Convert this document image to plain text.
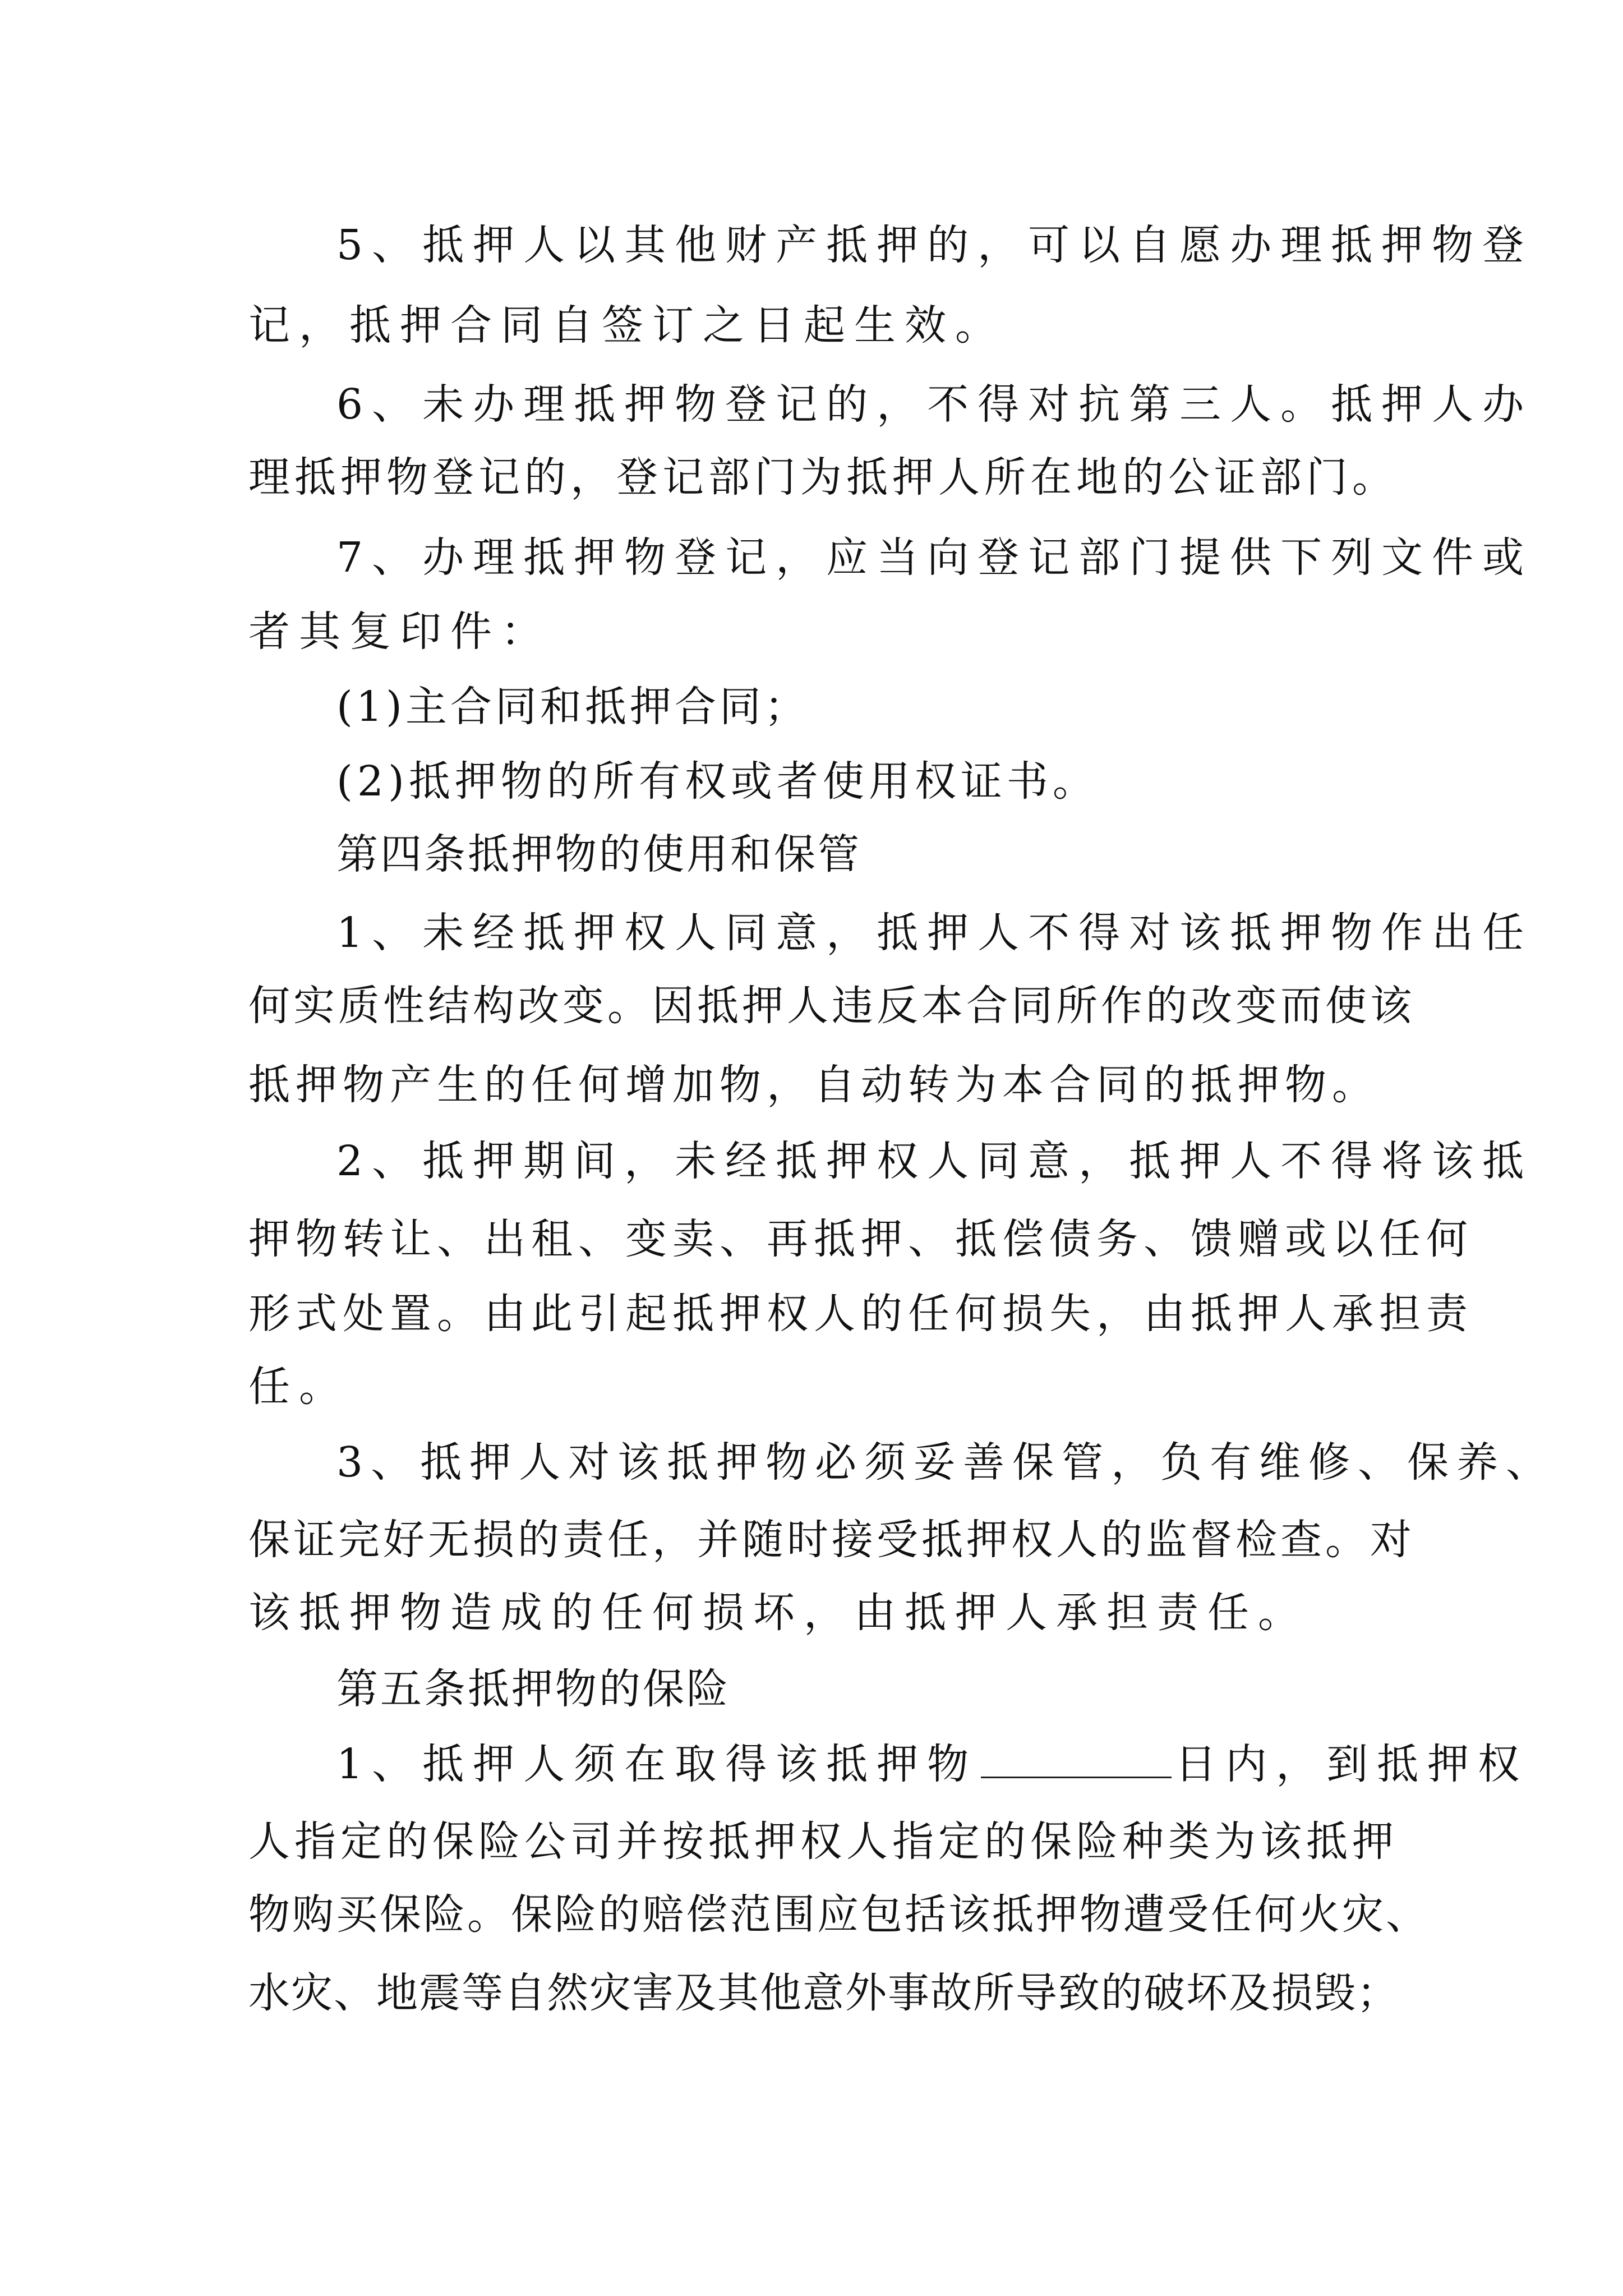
5、抵押人以其他财产抵押的，可以自愿办理抵押物登

记，抵押合同自签订之日起生效。

6、未办理抵押物登记的，不得对抗第三人。抵押人办

理抵押物登记的，登记部门为抵押人所在地的公证部门。

7、办理抵押物登记，应当向登记部门提供下列文件或

者其复印件：

(1)主合同和抵押合同；

(2)抵押物的所有权或者使用权证书。

第四条抵押物的使用和保管

1、未经抵押权人同意，抵押人不得对该抵押物作出任

何实质性结构改变。因抵押人违反本合同所作的改变而使该

抵押物产生的任何增加物，自动转为本合同的抵押物。

2、抵押期间，未经抵押权人同意，抵押人不得将该抵

押物转让、出租、变卖、再抵押、抵偿债务、馈赠或以任何

形式处置。由此引起抵押权人的任何损失，由抵押人承担责

任。

3、抵押人对该抵押物必须妥善保管，负有维修、保养、

保证完好无损的责任，并随时接受抵押权人的监督检查。对

该抵押物造成的任何损坏，由抵押人承担责任。

第五条抵押物的保险

1、抵押人须在取得该抵押物	日内，到抵押权

人指定的保险公司并按抵押权人指定的保险种类为该抵押

物购买保险。保险的赔偿范围应包括该抵押物遭受任何火灾、

水灾、地震等自然灾害及其他意外事故所导致的破坏及损毁；
